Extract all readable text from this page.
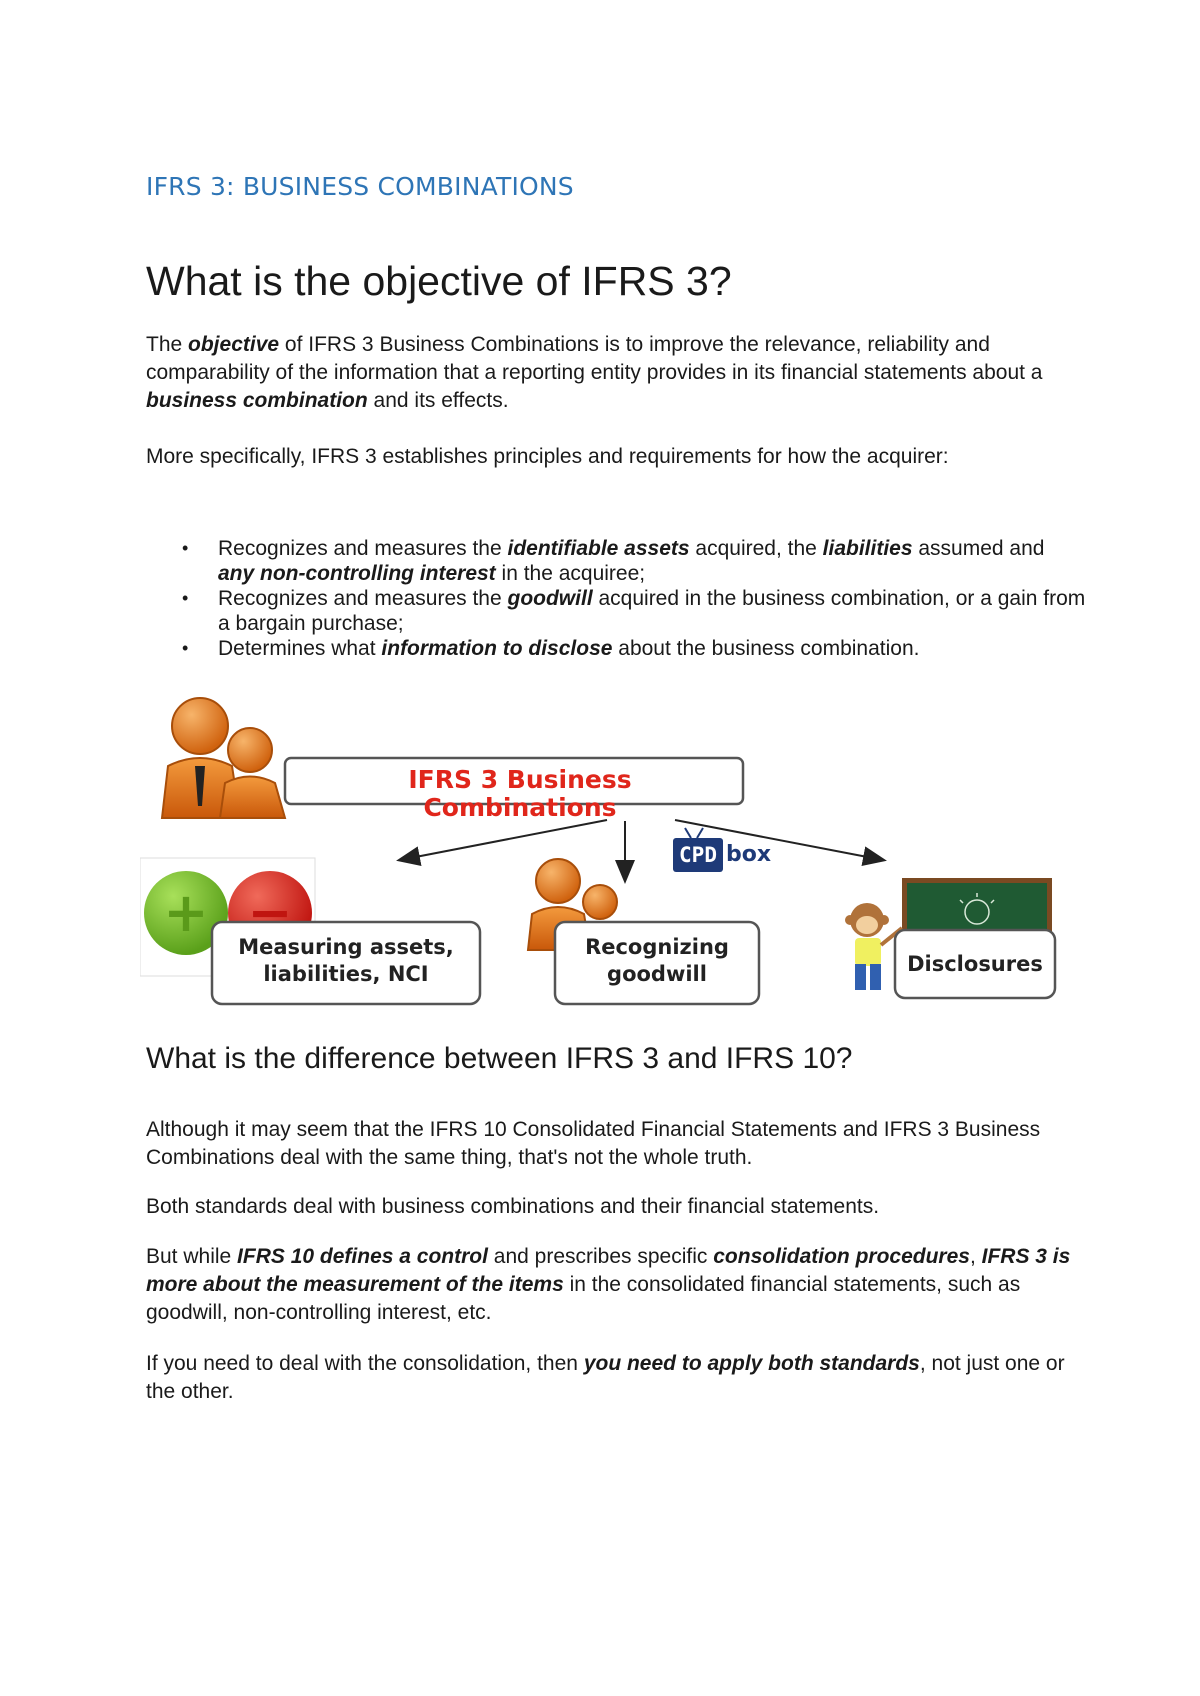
IFRS 3: BUSINESS COMBINATIONS
What is the objective of IFRS 3?

The objective of IFRS 3 Business Combinations is to improve the relevance, reliability and comparability of the information that a reporting entity provides in its financial statements about a business combination and its effects.

More specifically, IFRS 3 establishes principles and requirements for how the acquirer:

• Recognizes and measures the identifiable assets acquired, the liabilities assumed and any non-controlling interest in the acquiree;
• Recognizes and measures the goodwill acquired in the business combination, or a gain from a bargain purchase;
• Determines what information to disclose about the business combination.
IFRS 3 Business Combinations
CPD box
+ −
Measuring assets,
liabilities, NCI
Recognizing
goodwill	Disclosures
What is the difference between IFRS 3 and IFRS 10?

Although it may seem that the IFRS 10 Consolidated Financial Statements and IFRS 3 Business Combinations deal with the same thing, that's not the whole truth.

Both standards deal with business combinations and their financial statements.

But while IFRS 10 defines a control and prescribes specific consolidation procedures, IFRS 3 is more about the measurement of the items in the consolidated financial statements, such as goodwill, non-controlling interest, etc.

If you need to deal with the consolidation, then you need to apply both standards, not just one or the other.
